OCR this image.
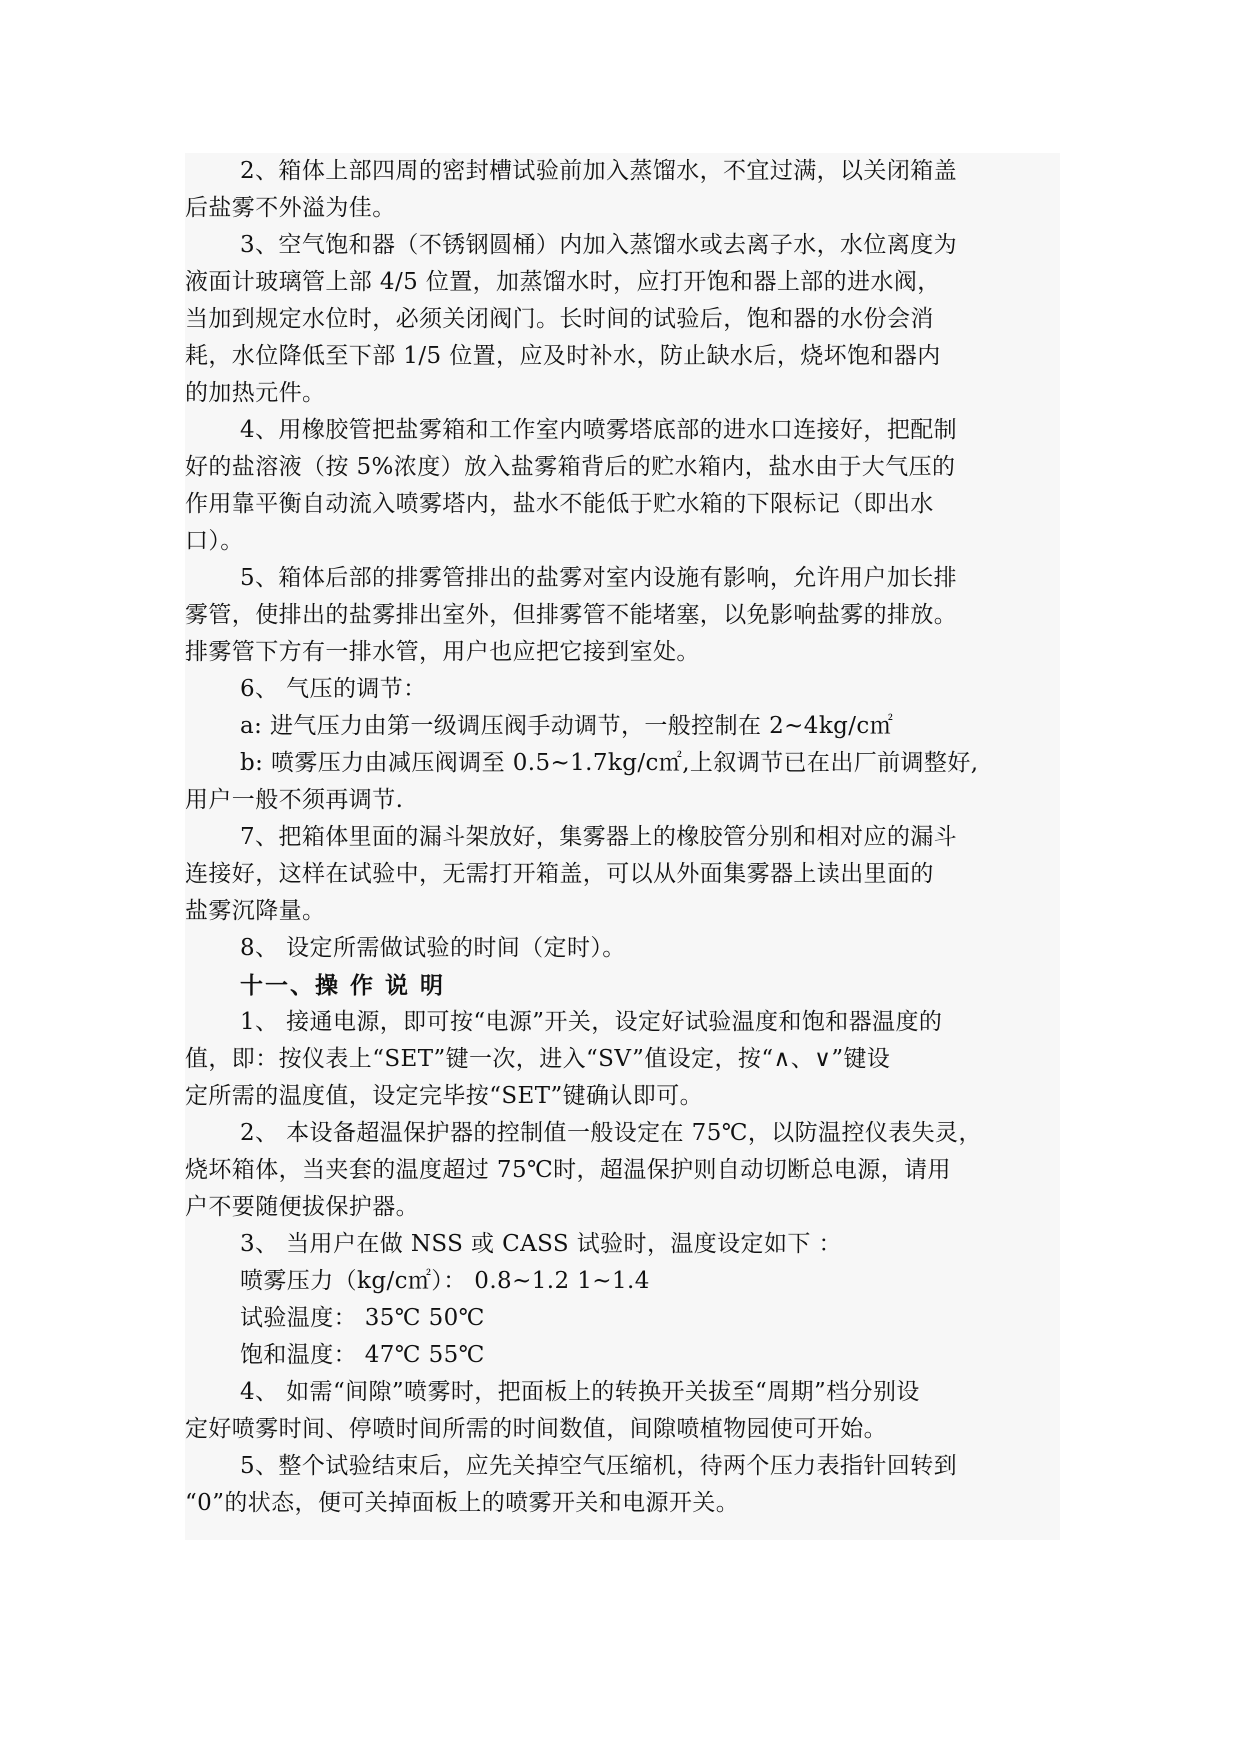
2、箱体上部四周的密封槽试验前加入蒸馏水，不宜过满，以关闭箱盖
后盐雾不外溢为佳。
3、空气饱和器（不锈钢圆桶）内加入蒸馏水或去离子水，水位离度为
液面计玻璃管上部 4/5 位置，加蒸馏水时，应打开饱和器上部的进水阀，
当加到规定水位时，必须关闭阀门。长时间的试验后，饱和器的水份会消
耗，水位降低至下部 1/5 位置，应及时补水，防止缺水后，烧坏饱和器内
的加热元件。
4、用橡胶管把盐雾箱和工作室内喷雾塔底部的进水口连接好，把配制
好的盐溶液（按 5%浓度）放入盐雾箱背后的贮水箱内，盐水由于大气压的
作用靠平衡自动流入喷雾塔内，盐水不能低于贮水箱的下限标记（即出水
口）。
5、箱体后部的排雾管排出的盐雾对室内设施有影响，允许用户加长排
雾管，使排出的盐雾排出室外，但排雾管不能堵塞，以免影响盐雾的排放。
排雾管下方有一排水管，用户也应把它接到室处。
6、 气压的调节：
a: 进气压力由第一级调压阀手动调节，一般控制在 2~4kg/c㎡
b: 喷雾压力由减压阀调至 0.5~1.7kg/c㎡,上叙调节已在出厂前调整好,
用户一般不须再调节.
7、把箱体里面的漏斗架放好，集雾器上的橡胶管分别和相对应的漏斗
连接好，这样在试验中，无需打开箱盖，可以从外面集雾器上读出里面的
盐雾沉降量。
8、 设定所需做试验的时间（定时）。
十一、操 作 说 明
1、 接通电源，即可按“电源”开关，设定好试验温度和饱和器温度的
值，即：按仪表上“SET”键一次，进入“SV”值设定，按“∧、∨”键设
定所需的温度值，设定完毕按“SET”键确认即可。
2、 本设备超温保护器的控制值一般设定在 75℃，以防温控仪表失灵，
烧坏箱体，当夹套的温度超过 75℃时，超温保护则自动切断总电源，请用
户不要随便拔保护器。
3、 当用户在做 NSS 或 CASS 试验时，温度设定如下 ：
喷雾压力（kg/c㎡）： 0.8~1.2 1~1.4
试验温度： 35℃ 50℃
饱和温度： 47℃ 55℃
4、 如需“间隙”喷雾时，把面板上的转换开关拔至“周期”档分别设
定好喷雾时间、停喷时间所需的时间数值，间隙喷植物园使可开始。
5、整个试验结束后，应先关掉空气压缩机，待两个压力表指针回转到
“0”的状态，便可关掉面板上的喷雾开关和电源开关。
